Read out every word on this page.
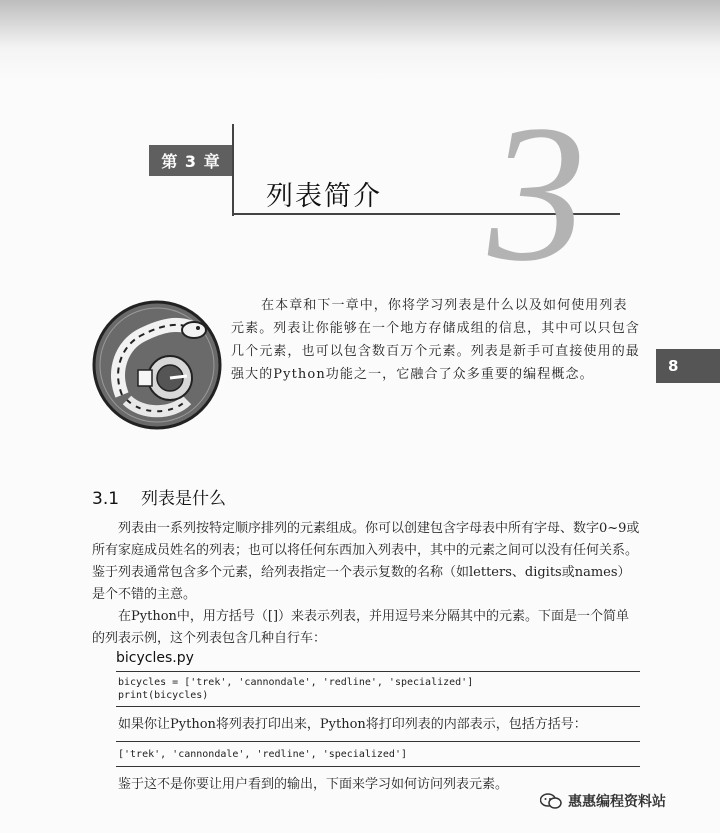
第 3 章
列表简介 3
8

在本章和下一章中，你将学习列表是什么以及如何使用列表元素。列表让你能够在一个地方存储成组的信息，其中可以只包含几个元素，也可以包含数百万个元素。列表是新手可直接使用的最强大的Python功能之一，它融合了众多重要的编程概念。

3.1 列表是什么

列表由一系列按特定顺序排列的元素组成。你可以创建包含字母表中所有字母、数字0~9或所有家庭成员姓名的列表；也可以将任何东西加入列表中，其中的元素之间可以没有任何关系。鉴于列表通常包含多个元素，给列表指定一个表示复数的名称（如letters、digits或names）是个不错的主意。

在Python中，用方括号（[]）来表示列表，并用逗号来分隔其中的元素。下面是一个简单的列表示例，这个列表包含几种自行车：

bicycles.py
bicycles = ['trek', 'cannondale', 'redline', 'specialized']
print(bicycles)

如果你让Python将列表打印出来，Python将打印列表的内部表示，包括方括号：

['trek', 'cannondale', 'redline', 'specialized']

鉴于这不是你要让用户看到的输出，下面来学习如何访问列表元素。

惠惠编程资料站
